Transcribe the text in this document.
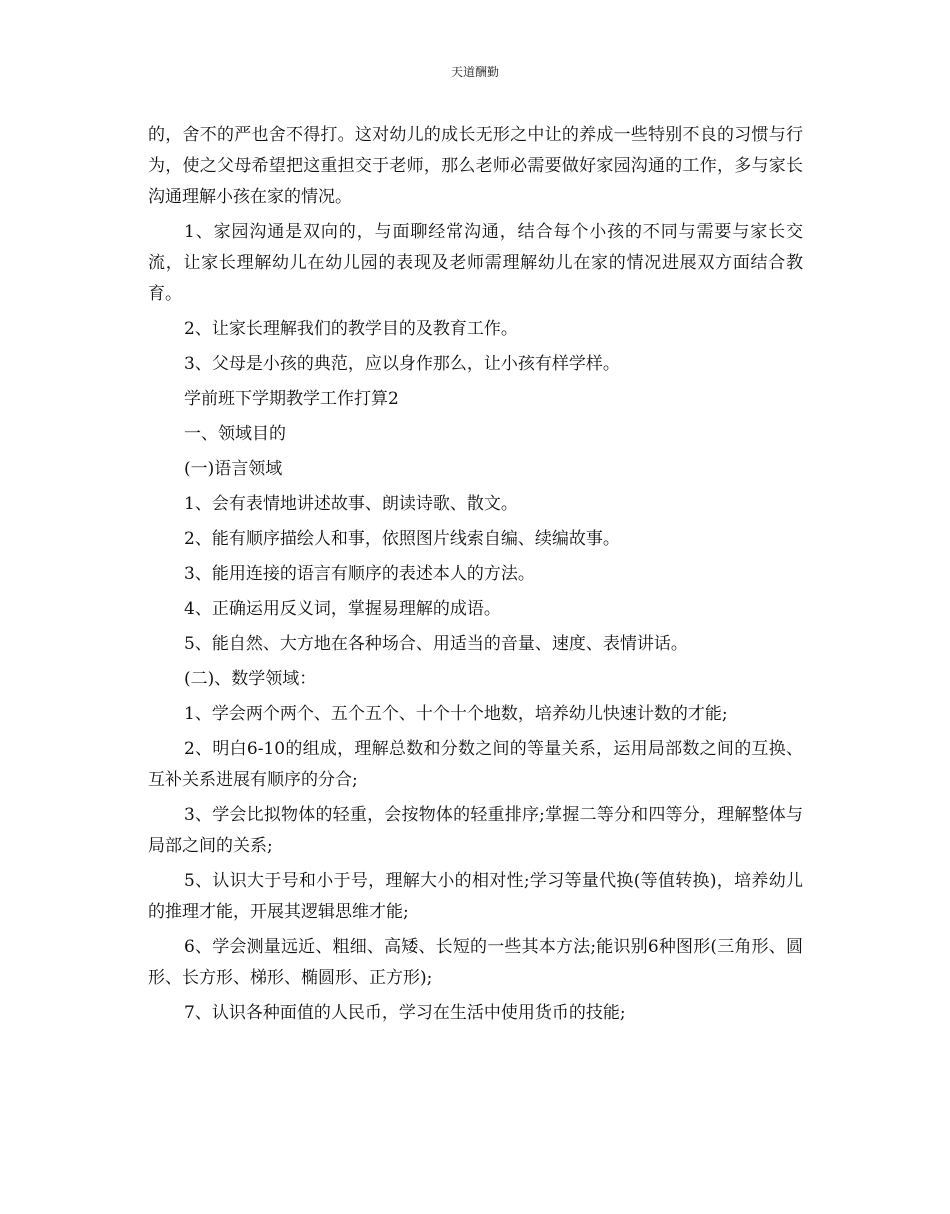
天道酬勤

的，舍不的严也舍不得打。这对幼儿的成长无形之中让的养成一些特别不良的习惯与行为，使之父母希望把这重担交于老师，那么老师必需要做好家园沟通的工作，多与家长沟通理解小孩在家的情况。

1、家园沟通是双向的，与面聊经常沟通，结合每个小孩的不同与需要与家长交流，让家长理解幼儿在幼儿园的表现及老师需理解幼儿在家的情况进展双方面结合教育。

2、让家长理解我们的教学目的及教育工作。

3、父母是小孩的典范，应以身作那么，让小孩有样学样。

学前班下学期教学工作打算2

一、领域目的

(一)语言领域

1、会有表情地讲述故事、朗读诗歌、散文。

2、能有顺序描绘人和事，依照图片线索自编、续编故事。

3、能用连接的语言有顺序的表述本人的方法。

4、正确运用反义词，掌握易理解的成语。

5、能自然、大方地在各种场合、用适当的音量、速度、表情讲话。

(二)、数学领域：

1、学会两个两个、五个五个、十个十个地数，培养幼儿快速计数的才能;

2、明白6-10的组成，理解总数和分数之间的等量关系，运用局部数之间的互换、互补关系进展有顺序的分合;

3、学会比拟物体的轻重，会按物体的轻重排序;掌握二等分和四等分，理解整体与局部之间的关系;

5、认识大于号和小于号，理解大小的相对性;学习等量代换(等值转换)，培养幼儿的推理才能，开展其逻辑思维才能;

6、学会测量远近、粗细、高矮、长短的一些其本方法;能识别6种图形(三角形、圆形、长方形、梯形、椭圆形、正方形);

7、认识各种面值的人民币，学习在生活中使用货币的技能;
